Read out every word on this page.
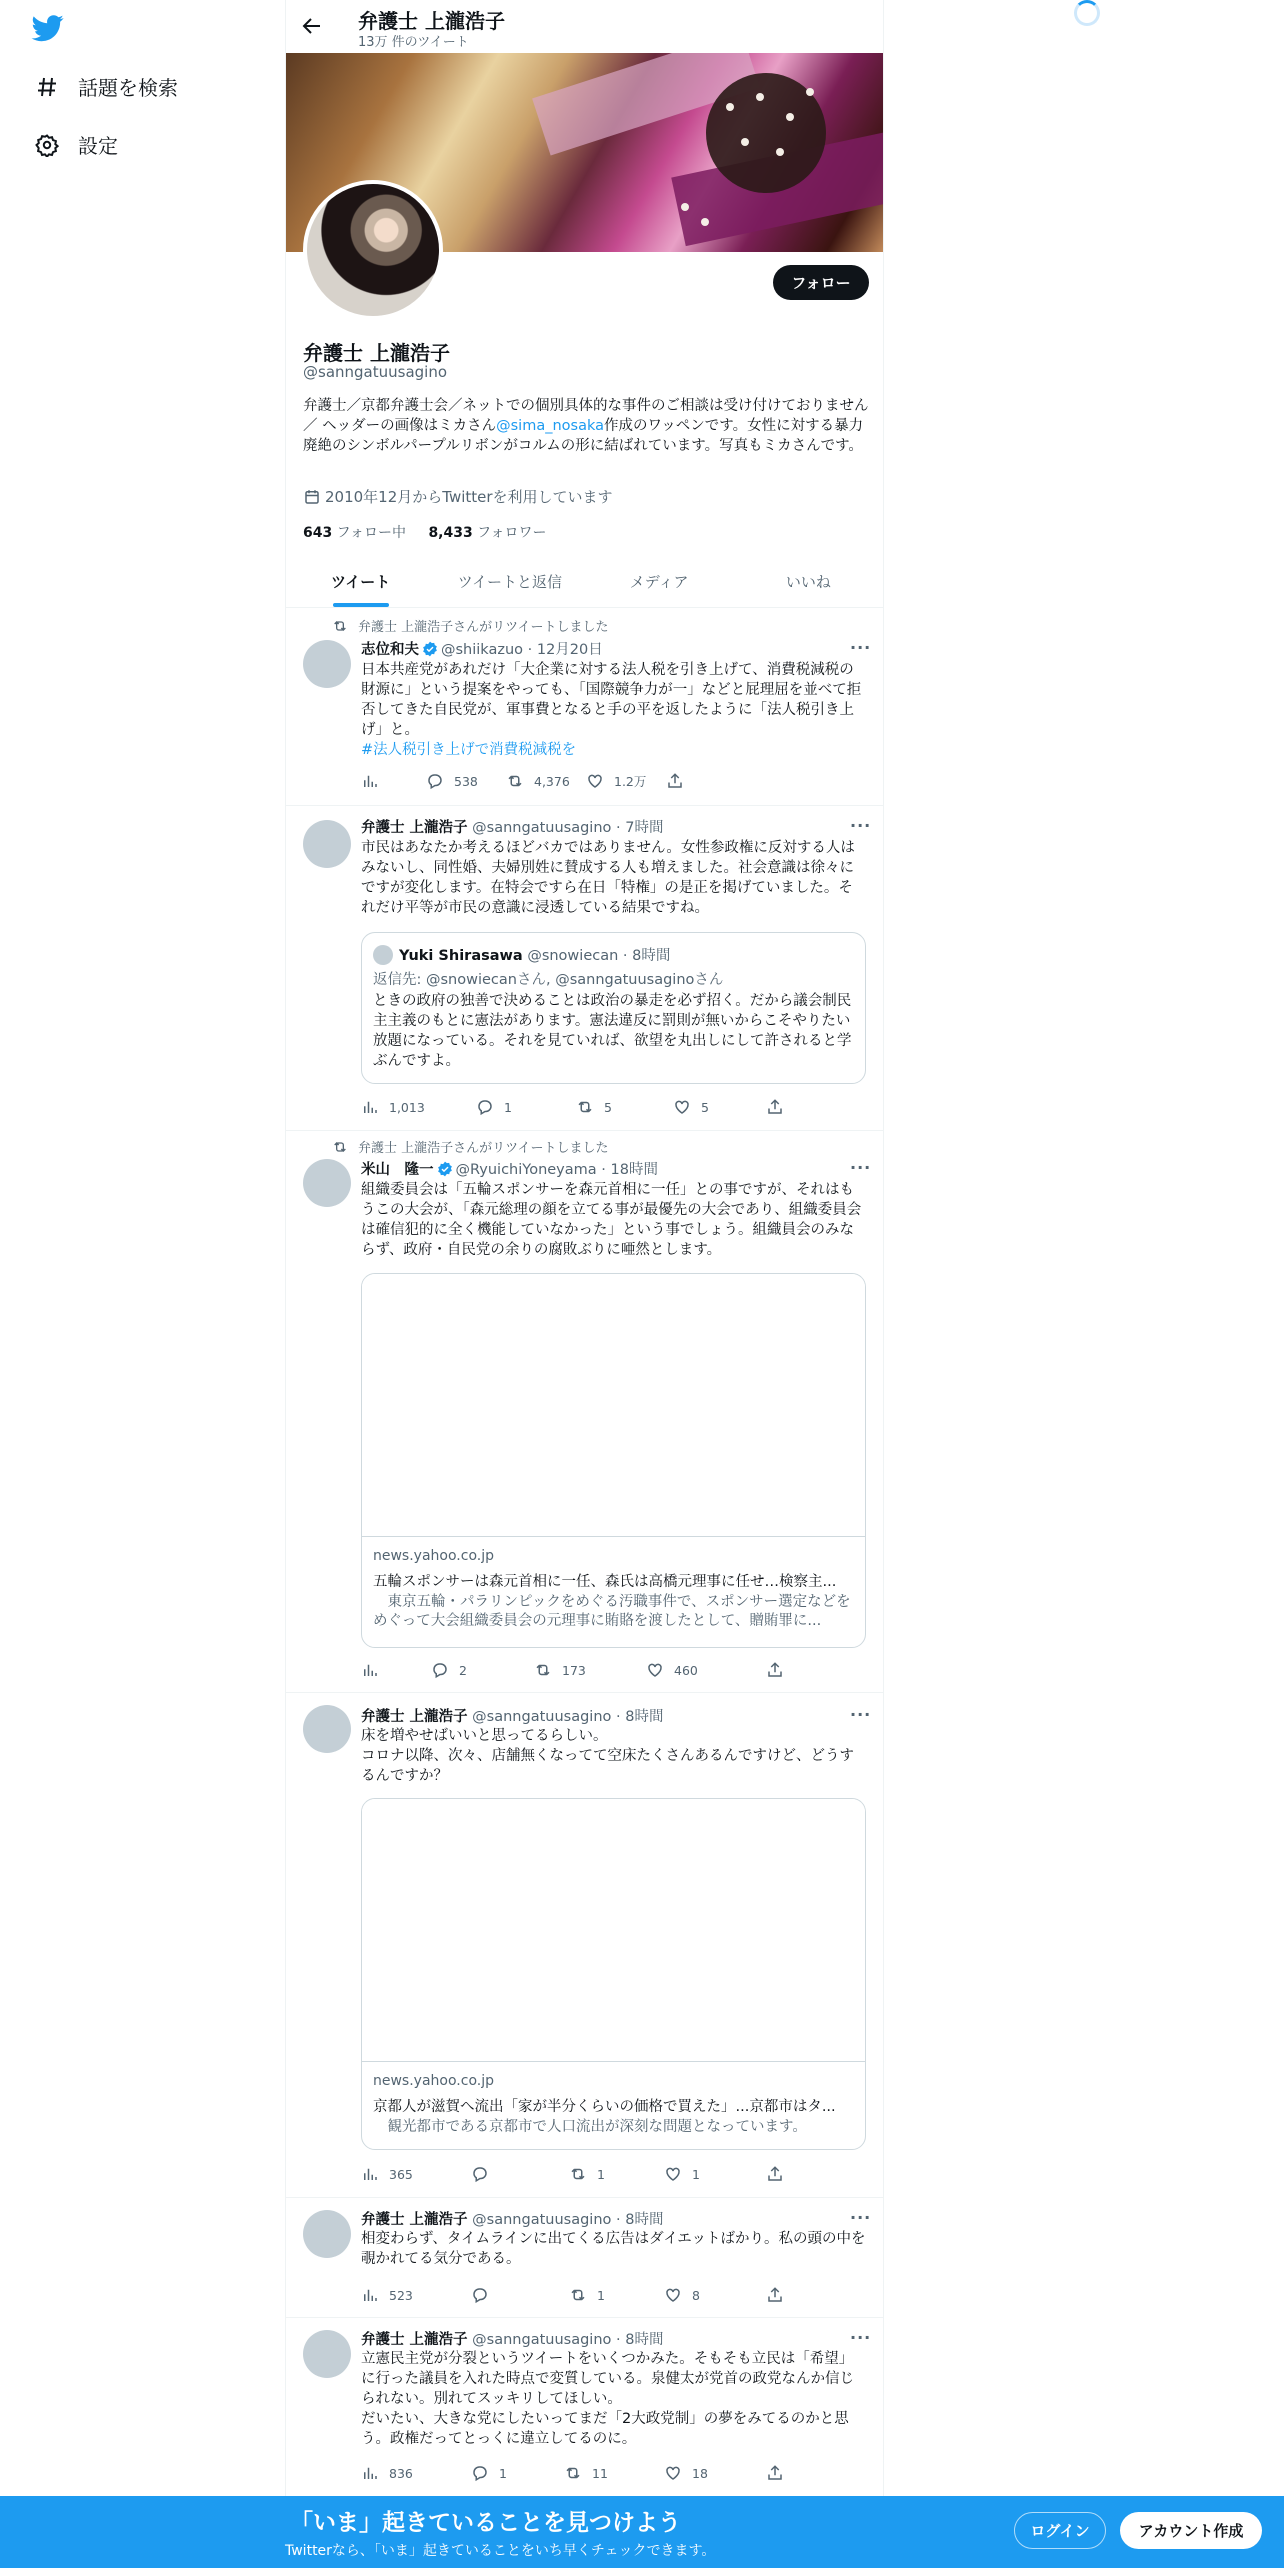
話題を検索
設定
弁護士 上瀧浩子
13万 件のツイート
フォロー
弁護士 上瀧浩子
@sanngatuusagino
弁護士／京都弁護士会／ネットでの個別具体的な事件のご相談は受け付けておりません／ ヘッダーの画像はミカさん@sima_nosaka作成のワッペンです。女性に対する暴力廃絶のシンボルパープルリボンがコルムの形に結ばれています。写真もミカさんです。
2010年12月からTwitterを利用しています
643 フォロー中 8,433 フォロワー
ツイート	ツイートと返信	メディア	いいね
弁護士 上瀧浩子さんがリツイートしました
志位和夫 @shiikazuo · 12月20日	···
日本共産党があれだけ「大企業に対する法人税を引き上げて、消費税減税の財源に」という提案をやっても、「国際競争力が一」などと屁理屈を並べて拒否してきた自民党が、軍事費となると手の平を返したように「法人税引き上げ」と。
#法人税引き上げで消費税減税を
538	4,376	1.2万
弁護士 上瀧浩子 @sanngatuusagino · 7時間	···
市民はあなたか考えるほどバカではありません。女性参政権に反対する人はみないし、同性婚、夫婦別姓に賛成する人も増えました。社会意識は徐々にですが変化します。在特会ですら在日「特権」の是正を掲げていました。それだけ平等が市民の意識に浸透している結果ですね。
Yuki Shirasawa @snowiecan · 8時間
返信先: @snowiecanさん, @sanngatuusaginoさん
ときの政府の独善で決めることは政治の暴走を必ず招く。だから議会制民主主義のもとに憲法があります。憲法違反に罰則が無いからこそやりたい放題になっている。それを見ていれば、欲望を丸出しにして許されると学ぶんですよ。
1,013	1	5	5
弁護士 上瀧浩子さんがリツイートしました
米山　隆一 @RyuichiYoneyama · 18時間	···
組織委員会は「五輪スポンサーを森元首相に一任」との事ですが、それはもうこの大会が、「森元総理の顔を立てる事が最優先の大会であり、組織委員会は確信犯的に全く機能していなかった」という事でしょう。組織員会のみならず、政府・自民党の余りの腐敗ぶりに唖然とします。
news.yahoo.co.jp
五輪スポンサーは森元首相に一任、森氏は高橋元理事に任せ…検察主...
　東京五輪・パラリンピックをめぐる汚職事件で、スポンサー選定などをめぐって大会組織委員会の元理事に賄賂を渡したとして、贈賄罪に...
2	173	460
弁護士 上瀧浩子 @sanngatuusagino · 8時間	···
床を増やせばいいと思ってるらしい。
コロナ以降、次々、店舗無くなってて空床たくさんあるんですけど、どうするんですか？
news.yahoo.co.jp
京都人が滋賀へ流出「家が半分くらいの価格で買えた」...京都市はタ...
　観光都市である京都市で人口流出が深刻な問題となっています。
365	1	1
弁護士 上瀧浩子 @sanngatuusagino · 8時間	···
相変わらず、タイムラインに出てくる広告はダイエットばかり。私の頭の中を覗かれてる気分である。
523	1	8
弁護士 上瀧浩子 @sanngatuusagino · 8時間	···
立憲民主党が分裂というツイートをいくつかみた。そもそも立民は「希望」に行った議員を入れた時点で変質している。泉健太が党首の政党なんか信じられない。別れてスッキリしてほしい。
だいたい、大きな党にしたいってまだ「2大政党制」の夢をみてるのかと思う。政権だってとっくに違立してるのに。
836	1	11	18
「いま」起きていることを見つけよう
Twitterなら、「いま」起きていることをいち早くチェックできます。
ログイン	アカウント作成
